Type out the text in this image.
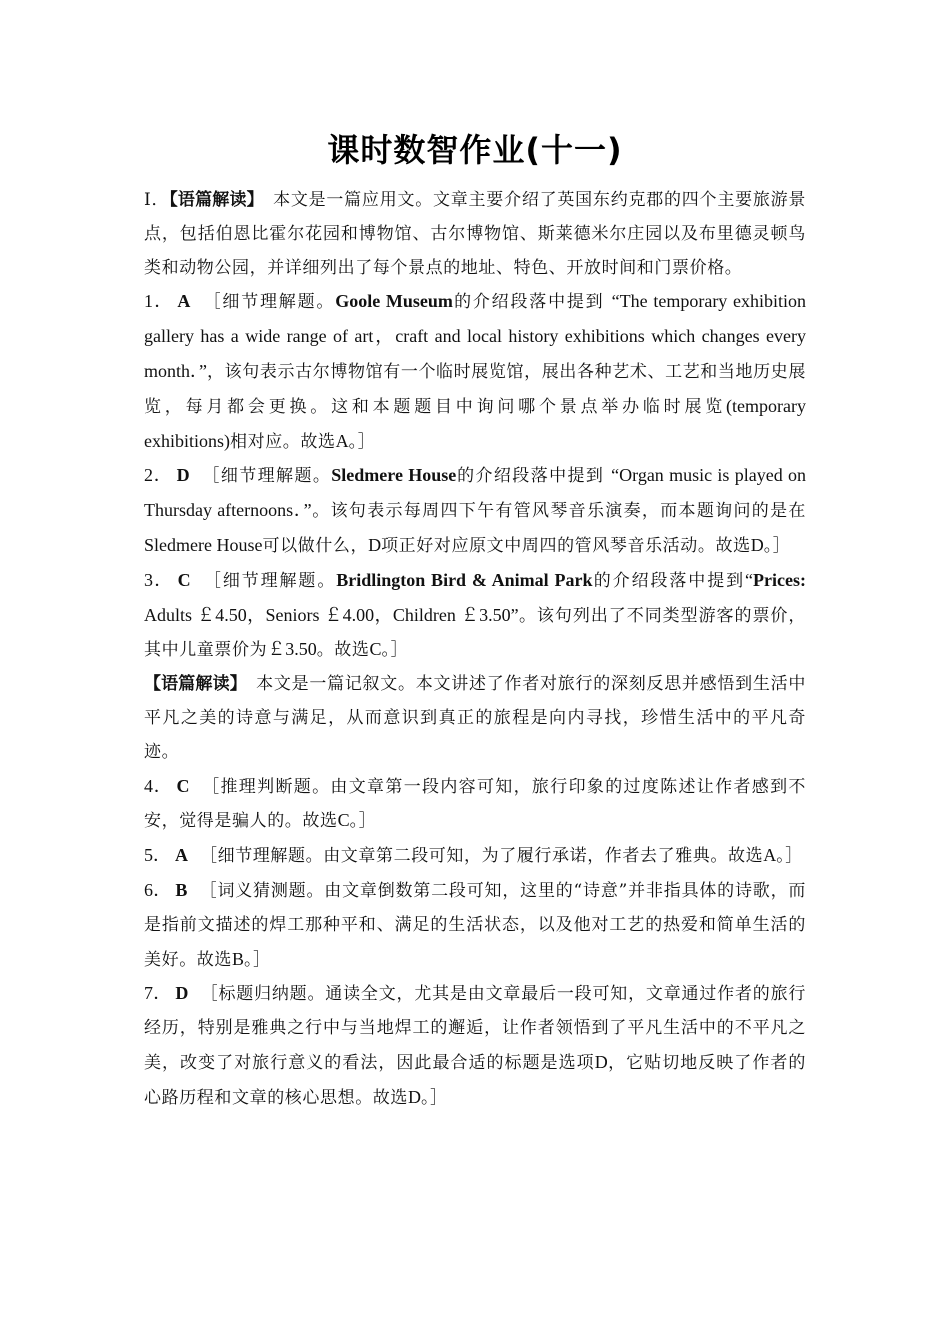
课时数智作业(十一)

Ⅰ．【语篇解读】　本文是一篇应用文。文章主要介绍了英国东约克郡的四个主要旅游景点，包括伯恩比霍尔花园和博物馆、古尔博物馆、斯莱德米尔庄园以及布里德灵顿鸟类和动物公园，并详细列出了每个景点的地址、特色、开放时间和门票价格。

1． A ［细节理解题。Goole Museum的介绍段落中提到 “The temporary exhibition gallery has a wide range of art，craft and local history exhibitions which changes every month．”，该句表示古尔博物馆有一个临时展览馆，展出各种艺术、工艺和当地历史展览，每月都会更换。这和本题题目中询问哪个景点举办临时展览(temporary exhibitions)相对应。故选A。］

2． D ［细节理解题。Sledmere House的介绍段落中提到 “Organ music is played on Thursday afternoons．”。该句表示每周四下午有管风琴音乐演奏，而本题询问的是在Sledmere House可以做什么，D项正好对应原文中周四的管风琴音乐活动。故选D。］

3． C ［细节理解题。Bridlington Bird & Animal Park的介绍段落中提到“Prices: Adults ￡4.50，Seniors ￡4.00，Children ￡3.50”。该句列出了不同类型游客的票价，其中儿童票价为￡3.50。故选C。］

【语篇解读】　本文是一篇记叙文。本文讲述了作者对旅行的深刻反思并感悟到生活中平凡之美的诗意与满足，从而意识到真正的旅程是向内寻找，珍惜生活中的平凡奇迹。

4． C ［推理判断题。由文章第一段内容可知，旅行印象的过度陈述让作者感到不安，觉得是骗人的。故选C。］

5． A ［细节理解题。由文章第二段可知，为了履行承诺，作者去了雅典。故选A。］

6． B ［词义猜测题。由文章倒数第二段可知，这里的“诗意”并非指具体的诗歌，而是指前文描述的焊工那种平和、满足的生活状态，以及他对工艺的热爱和简单生活的美好。故选B。］

7． D ［标题归纳题。通读全文，尤其是由文章最后一段可知，文章通过作者的旅行经历，特别是雅典之行中与当地焊工的邂逅，让作者领悟到了平凡生活中的不平凡之美，改变了对旅行意义的看法，因此最合适的标题是选项D，它贴切地反映了作者的心路历程和文章的核心思想。故选D。］
